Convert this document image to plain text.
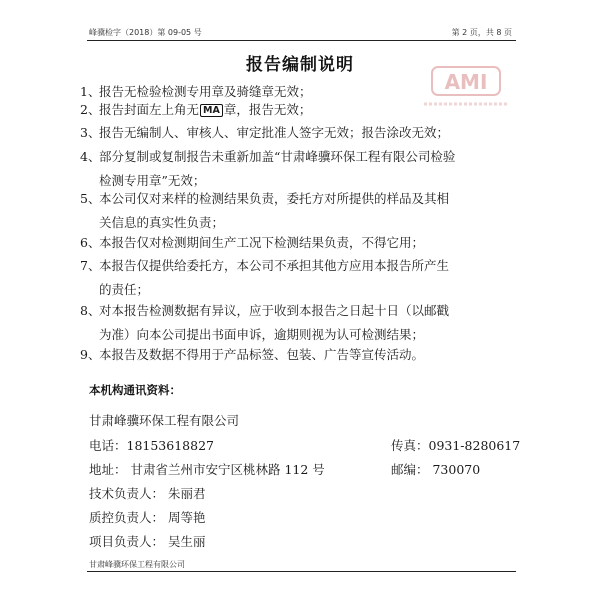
峰骥检字（2018）第 09-05 号	第 2 页，共 8 页
报告编制说明
AMI
1、报告无检验检测专用章及骑缝章无效；
2、报告封面左上角无 MA 章，报告无效；
3、报告无编制人、审核人、审定批准人签字无效；报告涂改无效；
4、部分复制或复制报告未重新加盖“甘肃峰骥环保工程有限公司检验
检测专用章”无效；
5、本公司仅对来样的检测结果负责，委托方对所提供的样品及其相
关信息的真实性负责；
6、本报告仅对检测期间生产工况下检测结果负责，不得它用；
7、本报告仅提供给委托方，本公司不承担其他方应用本报告所产生
的责任；
8、对本报告检测数据有异议，应于收到本报告之日起十日（以邮戳
为准）向本公司提出书面申诉，逾期则视为认可检测结果；
9、本报告及数据不得用于产品标签、包装、广告等宣传活动。
本机构通讯资料：
甘肃峰骥环保工程有限公司
电话：18153618827	传真：0931-8280617
地址： 甘肃省兰州市安宁区桃林路 112 号	邮编： 730070
技术负责人： 朱丽君
质控负责人： 周等艳
项目负责人： 吴生丽
甘肃峰骥环保工程有限公司
